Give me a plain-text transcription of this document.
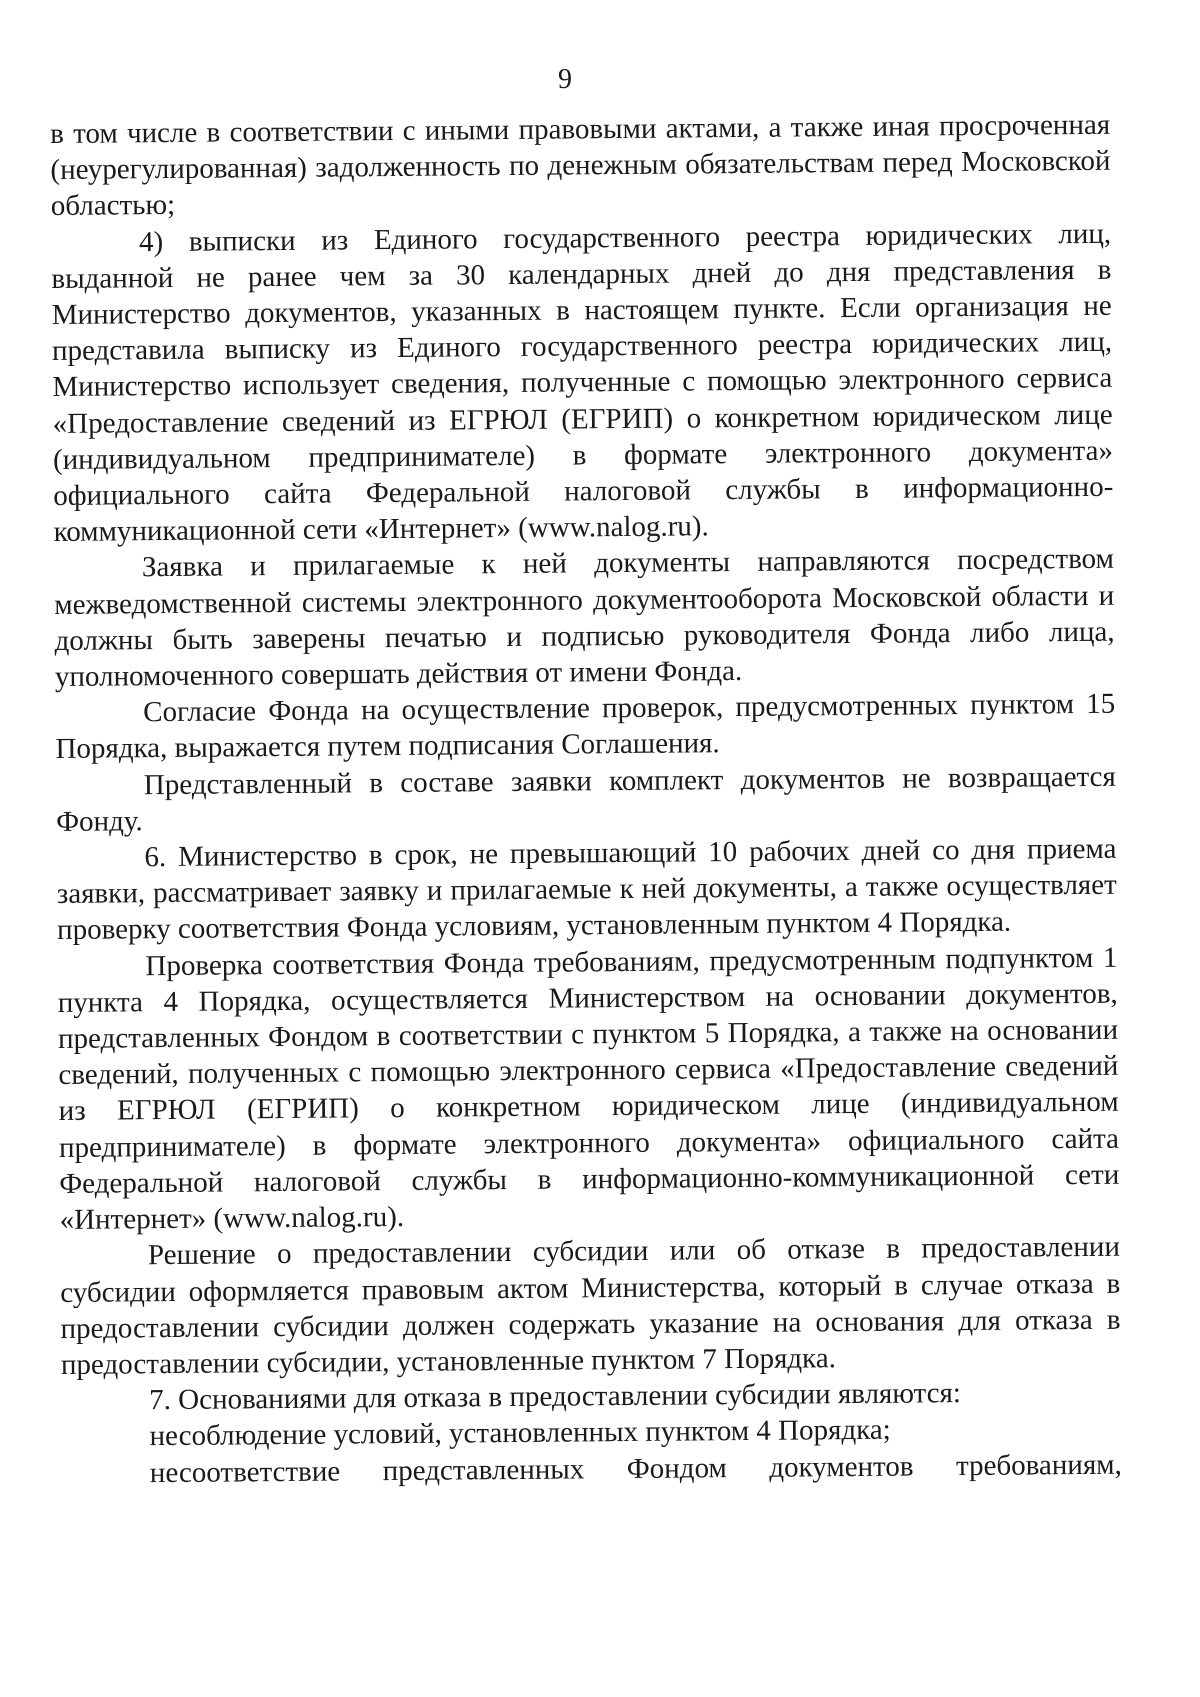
9

в том числе в соответствии с иными правовыми актами, а также иная просроченная (неурегулированная) задолженность по денежным обязательствам перед Московской областью;

4) выписки из Единого государственного реестра юридических лиц, выданной не ранее чем за 30 календарных дней до дня представления в Министерство документов, указанных в настоящем пункте. Если организация не представила выписку из Единого государственного реестра юридических лиц, Министерство использует сведения, полученные с помощью электронного сервиса «Предоставление сведений из ЕГРЮЛ (ЕГРИП) о конкретном юридическом лице (индивидуальном предпринимателе) в формате электронного документа» официального сайта Федеральной налоговой службы в информационно-коммуникационной сети «Интернет» (www.nalog.ru).

Заявка и прилагаемые к ней документы направляются посредством межведомственной системы электронного документооборота Московской области и должны быть заверены печатью и подписью руководителя Фонда либо лица, уполномоченного совершать действия от имени Фонда.

Согласие Фонда на осуществление проверок, предусмотренных пунктом 15 Порядка, выражается путем подписания Соглашения.

Представленный в составе заявки комплект документов не возвращается Фонду.

6. Министерство в срок, не превышающий 10 рабочих дней со дня приема заявки, рассматривает заявку и прилагаемые к ней документы, а также осуществляет проверку соответствия Фонда условиям, установленным пунктом 4 Порядка.

Проверка соответствия Фонда требованиям, предусмотренным подпунктом 1 пункта 4 Порядка, осуществляется Министерством на основании документов, представленных Фондом в соответствии с пунктом 5 Порядка, а также на основании сведений, полученных с помощью электронного сервиса «Предоставление сведений из ЕГРЮЛ (ЕГРИП) о конкретном юридическом лице (индивидуальном предпринимателе) в формате электронного документа» официального сайта Федеральной налоговой службы в информационно-коммуникационной сети «Интернет» (www.nalog.ru).

Решение о предоставлении субсидии или об отказе в предоставлении субсидии оформляется правовым актом Министерства, который в случае отказа в предоставлении субсидии должен содержать указание на основания для отказа в предоставлении субсидии, установленные пунктом 7 Порядка.

7. Основаниями для отказа в предоставлении субсидии являются:

несоблюдение условий, установленных пунктом 4 Порядка;

несоответствие представленных Фондом документов требованиям,
